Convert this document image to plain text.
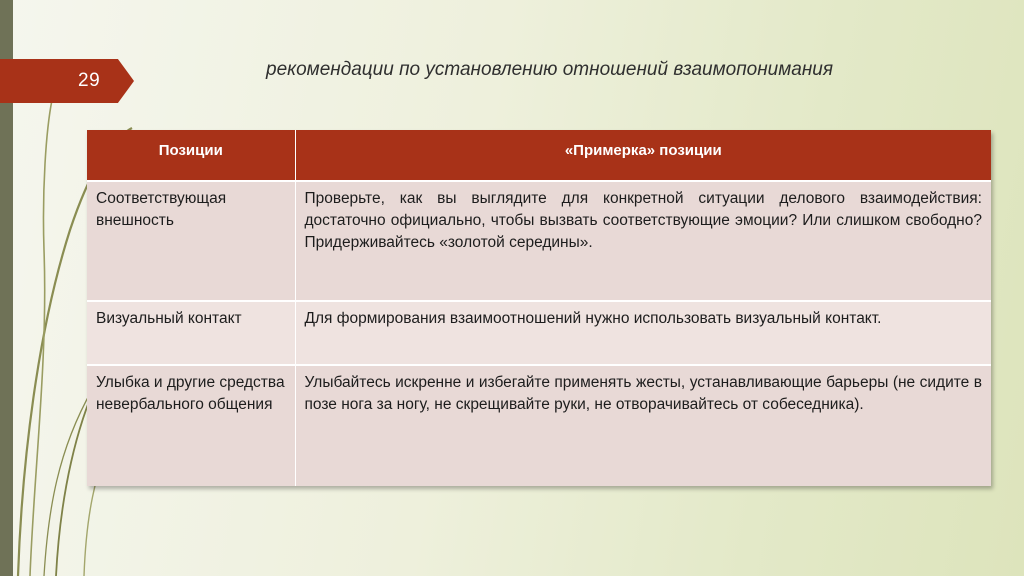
29
рекомендации по установлению отношений взаимопонимания
Позиции	«Примерка» позиции
Соответствующая внешность	Проверьте, как вы выглядите для конкретной ситуации делового взаимодействия: достаточно официально, чтобы вызвать соответствующие эмоции? Или слишком свободно? Придерживайтесь «золотой середины».
Визуальный контакт	Для формирования взаимоотношений нужно использовать визуальный контакт.
Улыбка и другие средства невербального общения	Улыбайтесь искренне и избегайте применять жесты, устанавливающие барьеры (не сидите в позе нога за ногу, не скрещивайте руки, не отворачивайтесь от собеседника).
